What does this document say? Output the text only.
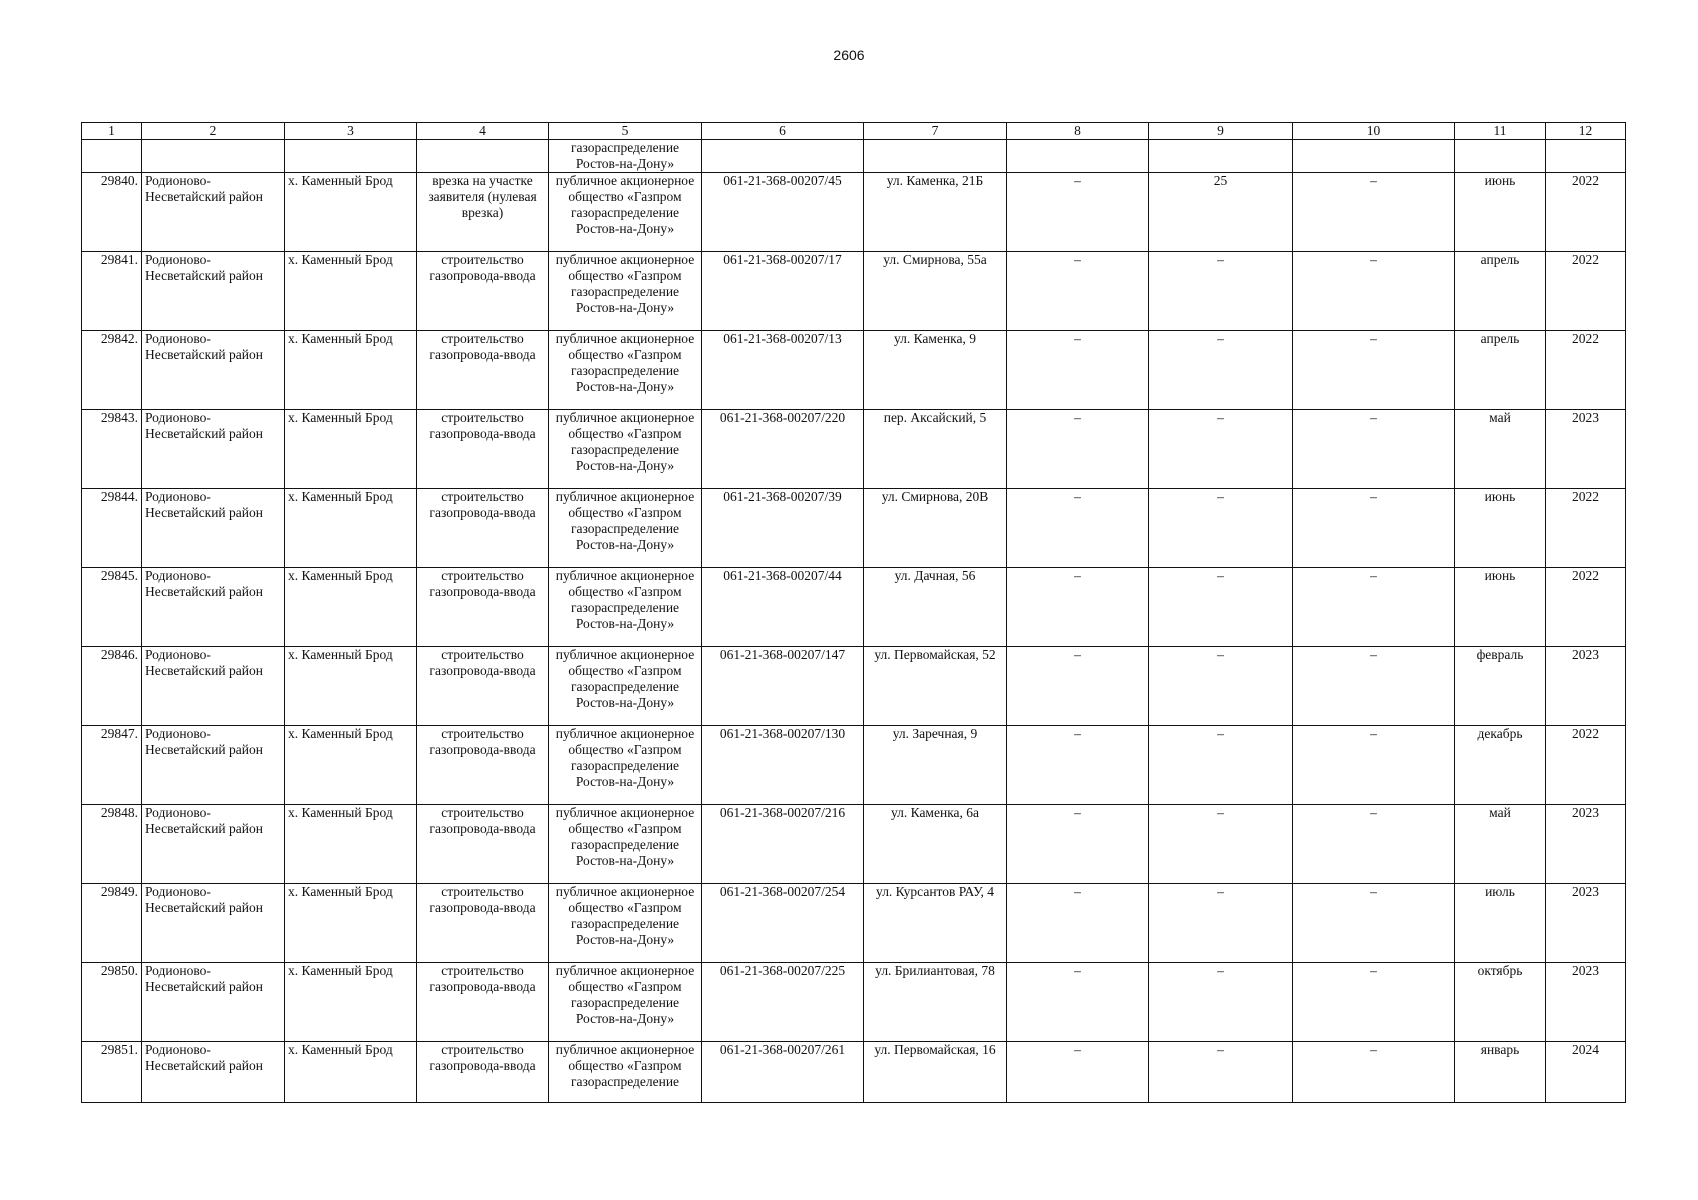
2606
1	2	3	4	5	6	7	8	9	10	11	12
				газораспределение Ростов-на-Дону»							
29840.	Родионово-Несветайский район	х. Каменный Брод	врезка на участке заявителя (нулевая врезка)	публичное акционерное общество «Газпром газораспределение Ростов-на-Дону»	061-21-368-00207/45	ул. Каменка, 21Б	–	25	–	июнь	2022
29841.	Родионово-Несветайский район	х. Каменный Брод	строительство газопровода-ввода	публичное акционерное общество «Газпром газораспределение Ростов-на-Дону»	061-21-368-00207/17	ул. Смирнова, 55а	–	–	–	апрель	2022
29842.	Родионово-Несветайский район	х. Каменный Брод	строительство газопровода-ввода	публичное акционерное общество «Газпром газораспределение Ростов-на-Дону»	061-21-368-00207/13	ул. Каменка, 9	–	–	–	апрель	2022
29843.	Родионово-Несветайский район	х. Каменный Брод	строительство газопровода-ввода	публичное акционерное общество «Газпром газораспределение Ростов-на-Дону»	061-21-368-00207/220	пер. Аксайский, 5	–	–	–	май	2023
29844.	Родионово-Несветайский район	х. Каменный Брод	строительство газопровода-ввода	публичное акционерное общество «Газпром газораспределение Ростов-на-Дону»	061-21-368-00207/39	ул. Смирнова, 20В	–	–	–	июнь	2022
29845.	Родионово-Несветайский район	х. Каменный Брод	строительство газопровода-ввода	публичное акционерное общество «Газпром газораспределение Ростов-на-Дону»	061-21-368-00207/44	ул. Дачная, 56	–	–	–	июнь	2022
29846.	Родионово-Несветайский район	х. Каменный Брод	строительство газопровода-ввода	публичное акционерное общество «Газпром газораспределение Ростов-на-Дону»	061-21-368-00207/147	ул. Первомайская, 52	–	–	–	февраль	2023
29847.	Родионово-Несветайский район	х. Каменный Брод	строительство газопровода-ввода	публичное акционерное общество «Газпром газораспределение Ростов-на-Дону»	061-21-368-00207/130	ул. Заречная, 9	–	–	–	декабрь	2022
29848.	Родионово-Несветайский район	х. Каменный Брод	строительство газопровода-ввода	публичное акционерное общество «Газпром газораспределение Ростов-на-Дону»	061-21-368-00207/216	ул. Каменка, 6а	–	–	–	май	2023
29849.	Родионово-Несветайский район	х. Каменный Брод	строительство газопровода-ввода	публичное акционерное общество «Газпром газораспределение Ростов-на-Дону»	061-21-368-00207/254	ул. Курсантов РАУ, 4	–	–	–	июль	2023
29850.	Родионово-Несветайский район	х. Каменный Брод	строительство газопровода-ввода	публичное акционерное общество «Газпром газораспределение Ростов-на-Дону»	061-21-368-00207/225	ул. Брилиантовая, 78	–	–	–	октябрь	2023
29851.	Родионово-Несветайский район	х. Каменный Брод	строительство газопровода-ввода	публичное акционерное общество «Газпром газораспределение	061-21-368-00207/261	ул. Первомайская, 16	–	–	–	январь	2024
